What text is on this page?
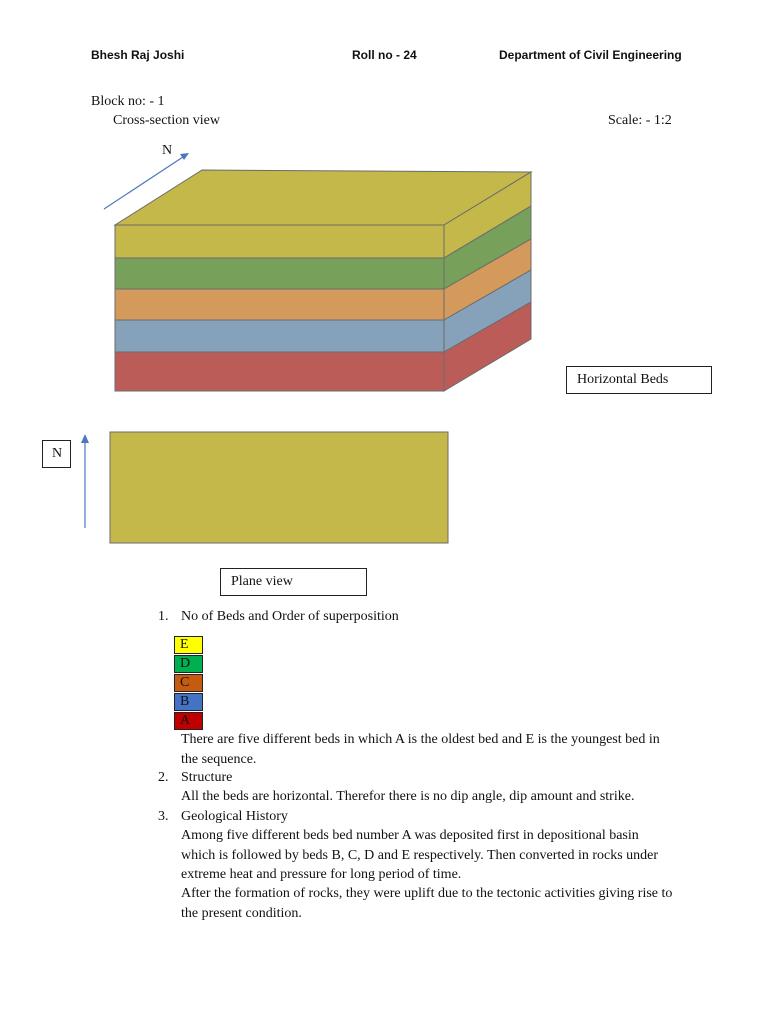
Bhesh Raj Joshi	Roll no - 24	Department of Civil Engineering
Block no: - 1
Cross-section view	Scale: - 1:2
N
Horizontal Beds
N
Plane view
1. No of Beds and Order of superposition
E
D
C
B
A
There are five different beds in which A is the oldest bed and E is the youngest bed in the sequence.
2. Structure
All the beds are horizontal. Therefor there is no dip angle, dip amount and strike.
3. Geological History
Among five different beds bed number A was deposited first in depositional basin which is followed by beds B, C, D and E respectively. Then converted in rocks under extreme heat and pressure for long period of time.
After the formation of rocks, they were uplift due to the tectonic activities giving rise to the present condition.
